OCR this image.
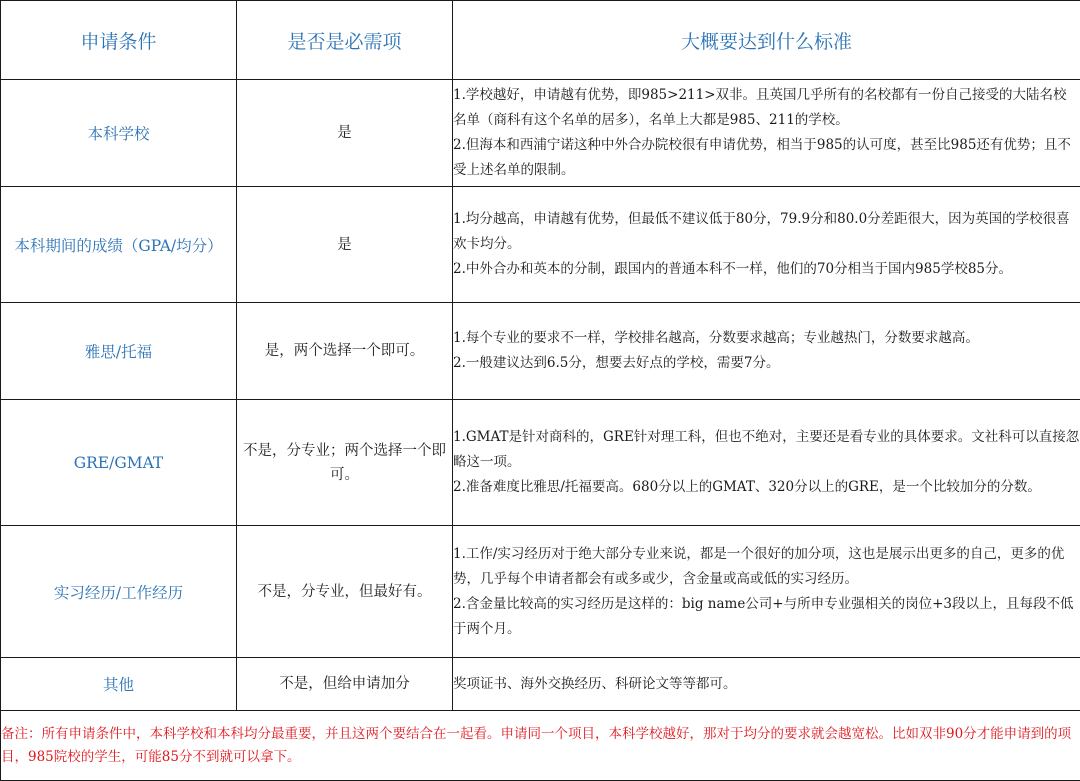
申请条件	是否是必需项	大概要达到什么标准
本科学校	是	1.学校越好，申请越有优势，即985>211>双非。且英国几乎所有的名校都有一份自己接受的大陆名校名单（商科有这个名单的居多），名单上大都是985、211的学校。

2.但海本和西浦宁诺这种中外合办院校很有申请优势，相当于985的认可度，甚至比985还有优势；且不受上述名单的限制。

本科期间的成绩（GPA/均分）	是	1.均分越高，申请越有优势，但最低不建议低于80分，79.9分和80.0分差距很大，因为英国的学校很喜欢卡均分。

2.中外合办和英本的分制，跟国内的普通本科不一样，他们的70分相当于国内985学校85分。

雅思/托福	是，两个选择一个即可。	1.每个专业的要求不一样，学校排名越高，分数要求越高；专业越热门，分数要求越高。

2.一般建议达到6.5分，想要去好点的学校，需要7分。

GRE/GMAT	不是，分专业；两个选择一个即可。	1.GMAT是针对商科的，GRE针对理工科，但也不绝对，主要还是看专业的具体要求。文社科可以直接忽略这一项。

2.准备难度比雅思/托福要高。680分以上的GMAT、320分以上的GRE，是一个比较加分的分数。

实习经历/工作经历	不是，分专业，但最好有。	1.工作/实习经历对于绝大部分专业来说，都是一个很好的加分项，这也是展示出更多的自己，更多的优势，几乎每个申请者都会有或多或少，含金量或高或低的实习经历。

2.含金量比较高的实习经历是这样的：big name公司+与所申专业强相关的岗位+3段以上，且每段不低于两个月。

其他	不是，但给申请加分	奖项证书、海外交换经历、科研论文等等都可。

备注：所有申请条件中，本科学校和本科均分最重要，并且这两个要结合在一起看。申请同一个项目，本科学校越好，那对于均分的要求就会越宽松。比如双非90分才能申请到的项目，985院校的学生，可能85分不到就可以拿下。		
